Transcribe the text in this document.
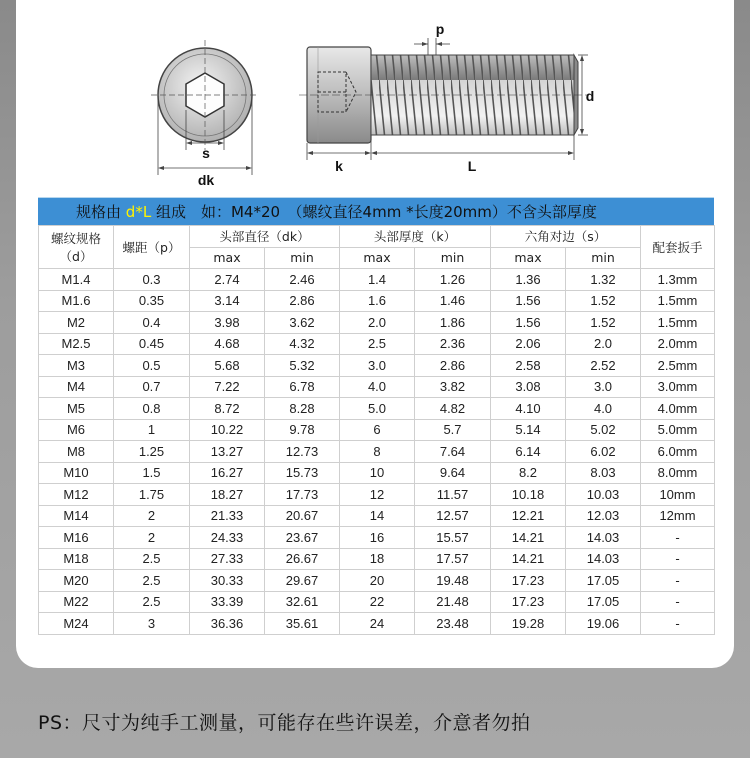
s
dk
p
d
k	L
规格由 d*L 组成　如：M4*20　（螺纹直径4mm *长度20mm）不含头部厚度
螺纹规格（d）	螺距（p）	头部直径（dk）		头部厚度（k）		六角对边（s）		配套扳手
		max	min	max	min	max	min	
M1.4	0.3	2.74	2.46	1.4	1.26	1.36	1.32	1.3mm
M1.6	0.35	3.14	2.86	1.6	1.46	1.56	1.52	1.5mm
M2	0.4	3.98	3.62	2.0	1.86	1.56	1.52	1.5mm
M2.5	0.45	4.68	4.32	2.5	2.36	2.06	2.0	2.0mm
M3	0.5	5.68	5.32	3.0	2.86	2.58	2.52	2.5mm
M4	0.7	7.22	6.78	4.0	3.82	3.08	3.0	3.0mm
M5	0.8	8.72	8.28	5.0	4.82	4.10	4.0	4.0mm
M6	1	10.22	9.78	6	5.7	5.14	5.02	5.0mm
M8	1.25	13.27	12.73	8	7.64	6.14	6.02	6.0mm
M10	1.5	16.27	15.73	10	9.64	8.2	8.03	8.0mm
M12	1.75	18.27	17.73	12	11.57	10.18	10.03	10mm
M14	2	21.33	20.67	14	12.57	12.21	12.03	12mm
M16	2	24.33	23.67	16	15.57	14.21	14.03	-
M18	2.5	27.33	26.67	18	17.57	14.21	14.03	-
M20	2.5	30.33	29.67	20	19.48	17.23	17.05	-
M22	2.5	33.39	32.61	22	21.48	17.23	17.05	-
M24	3	36.36	35.61	24	23.48	19.28	19.06	-
PS：尺寸为纯手工测量，可能存在些许误差，介意者勿拍
